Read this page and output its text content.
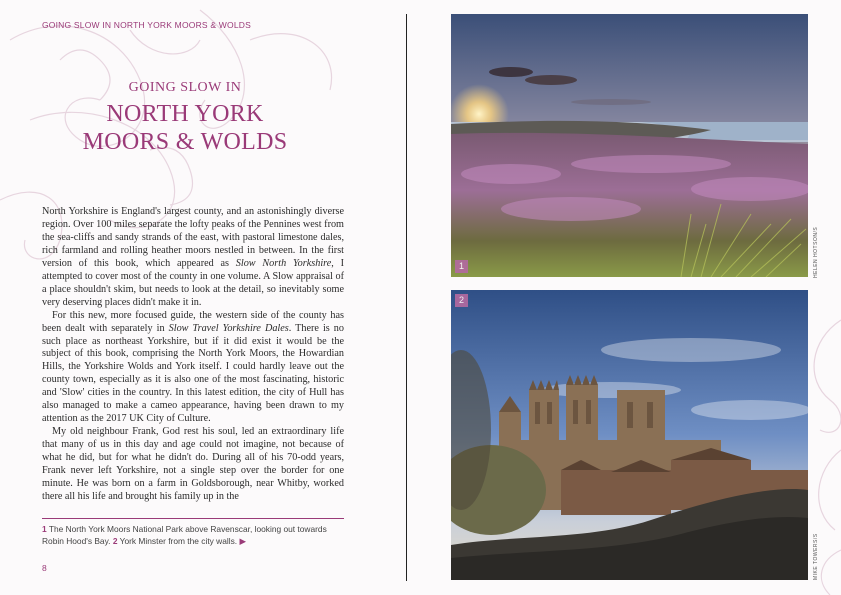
GOING SLOW IN NORTH YORK MOORS & WOLDS
GOING SLOW IN
NORTH YORK
MOORS & WOLDS

North Yorkshire is England's largest county, and an astonishingly diverse region. Over 100 miles separate the lofty peaks of the Pennines west from the sea-cliffs and sandy strands of the east, with pastoral limestone dales, rich farmland and rolling heather moors nestled in between. In the first version of this book, which appeared as Slow North Yorkshire, I attempted to cover most of the county in one volume. A Slow appraisal of a place shouldn't skim, but needs to look at the detail, so inevitably some very deserving places didn't make it in.

For this new, more focused guide, the western side of the county has been dealt with separately in Slow Travel Yorkshire Dales. There is no such place as northeast Yorkshire, but if it did exist it would be the subject of this book, comprising the North York Moors, the Howardian Hills, the Yorkshire Wolds and York itself. I could hardly leave out the county town, especially as it is also one of the most fascinating, historic and 'Slow' cities in the country. In this latest edition, the city of Hull has also managed to make a cameo appearance, having been drawn to my attention as the 2017 UK City of Culture.

My old neighbour Frank, God rest his soul, led an extraordinary life that many of us in this day and age could not imagine, not because of what he did, but for what he didn't do. During all of his 70-odd years, Frank never left Yorkshire, not a single step over the border for one minute. He was born on a farm in Goldsborough, near Whitby, worked there all his life and brought his family up in the

1 The North York Moors National Park above Ravenscar, looking out towards Robin Hood's Bay. 2 York Minster from the city walls. ▶
8
1	HELEN HOTSON/S
2
MIKE TOWERS/S
